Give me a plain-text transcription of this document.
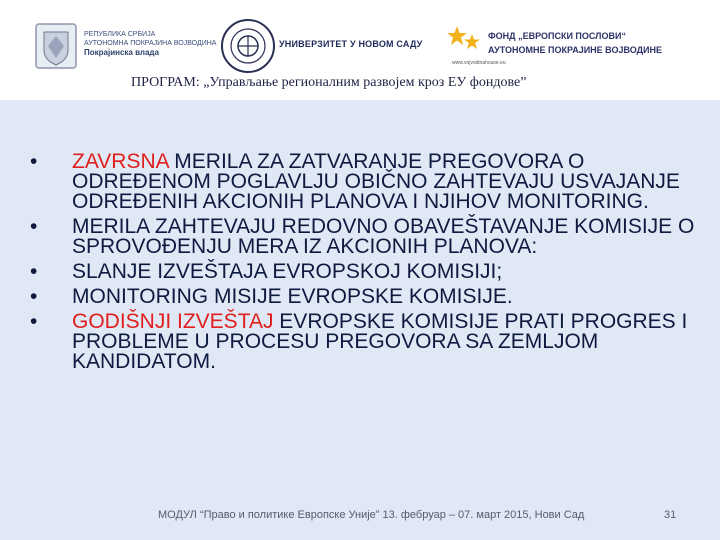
РЕПУБЛИКА СРБИЈА
АУТОНОМНА ПОКРАЈИНА ВОЈВОДИНА
Покрајинска влада
УНИВЕРЗИТЕТ У НОВОМ САДУ
ФОНД „ЕВРОПСКИ ПОСЛОВИ“
АУТОНОМНЕ ПОКРАЈИНЕ ВОЈВОДИНЕ
www.vojvodinahouse.eu
ПРОГРАМ: „Управљање регионалним развојем кроз ЕУ фондове”
• ZAVRSNA MERILA ZA ZATVARANJE PREGOVORA O ODREĐENOM POGLAVLJU OBIČNO ZAHTEVAJU USVAJANJE ODREĐENIH AKCIONIH PLANOVA I NJIHOV MONITORING.
• MERILA ZAHTEVAJU REDOVNO OBAVEŠTAVANJE KOMISIJE O SPROVOĐENJU MERA IZ AKCIONIH PLANOVA:
• SLANJE IZVEŠTAJA EVROPSKOJ KOMISIJI;
• MONITORING MISIJE EVROPSKE KOMISIJE.
• GODIŠNJI IZVEŠTAJ EVROPSKE KOMISIJE PRATI PROGRES I PROBLEME U PROCESU PREGOVORA SA ZEMLJOM KANDIDATOM.
МОДУЛ “Право и политике Европске Уније” 13. фебруар – 07. март 2015, Нови Сад	31
